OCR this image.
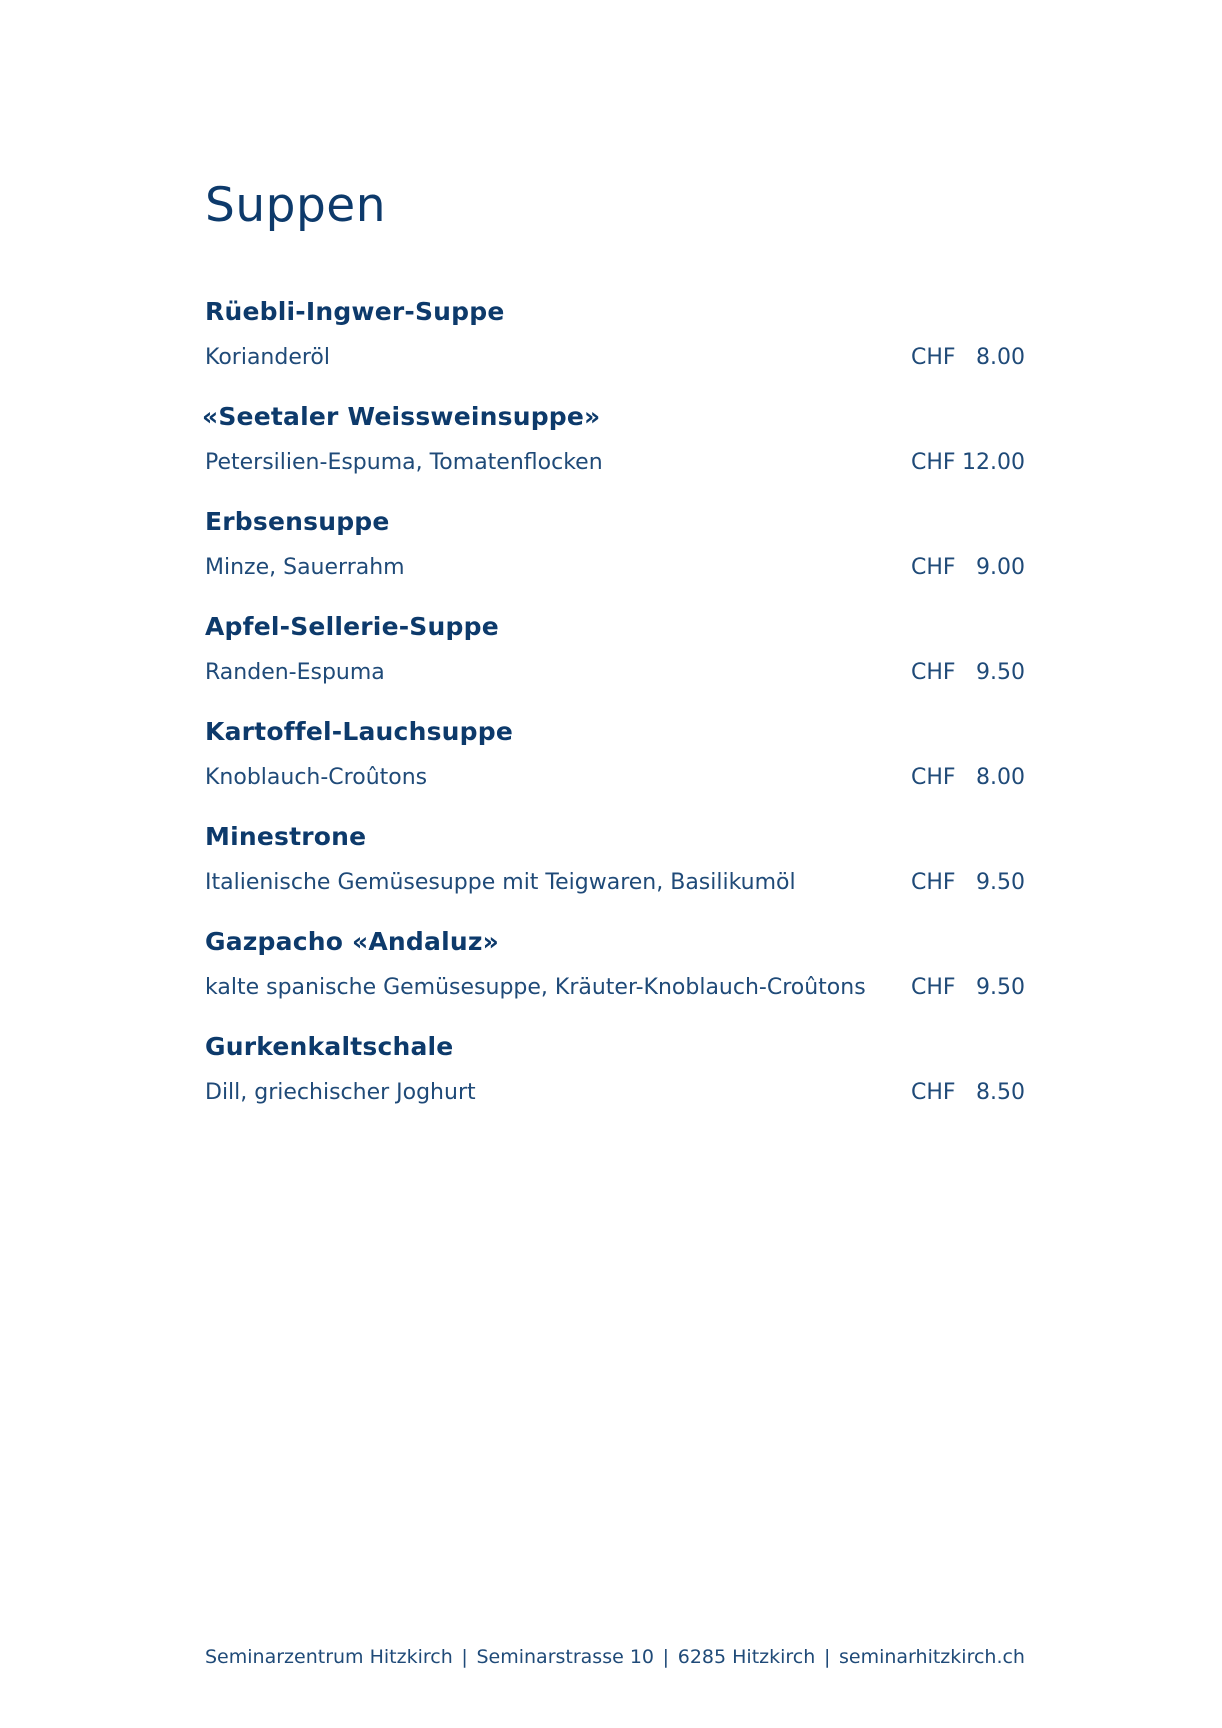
Suppen
Rüebli-Ingwer-Suppe
Korianderöl	CHF 8.00
«Seetaler Weissweinsuppe»
Petersilien-Espuma, Tomatenflocken	CHF 12.00
Erbsensuppe
Minze, Sauerrahm	CHF 9.00
Apfel-Sellerie-Suppe
Randen-Espuma	CHF 9.50
Kartoffel-Lauchsuppe
Knoblauch-Croûtons	CHF 8.00
Minestrone
Italienische Gemüsesuppe mit Teigwaren, Basilikumöl	CHF 9.50
Gazpacho «Andaluz»
kalte spanische Gemüsesuppe, Kräuter-Knoblauch-Croûtons CHF 9.50
Gurkenkaltschale
Dill, griechischer Joghurt	CHF 8.50
Seminarzentrum Hitzkirch | Seminarstrasse 10 | 6285 Hitzkirch | seminarhitzkirch.ch
